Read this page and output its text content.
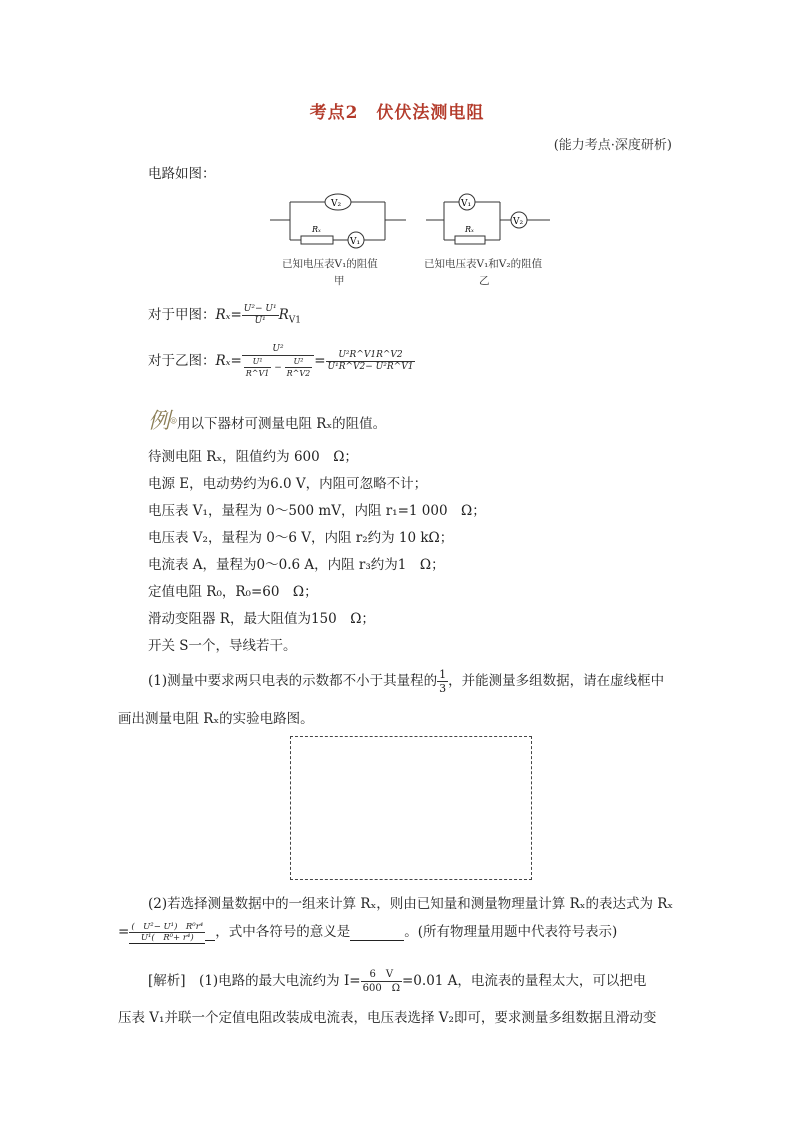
考点2　伏伏法测电阻
(能力考点·深度研析)
电路如图：
V₂
V₁
Rₓ
已知电压表V₁的阻值
甲
V₁
V₂
Rₓ
已知电压表V₁和V₂的阻值
乙
对于甲图：$R_x= \frac{\text{U²− U¹}}{\text{U¹}} R_{V1}$
对于乙图：$R_x= \frac{\text{U²}}{\frac{\text{U¹}}{R\^{}V1} - \frac{\text{U²}}{R\^{}V2}} = \frac{\text{U²R\textasciicircum{}V1R\textasciicircum{}V2}}{\text{U¹R\textasciicircum{}V2− U²R\textasciicircum{}V1}}$
例◎用以下器材可测量电阻 Rₓ的阻值。
待测电阻 Rₓ，阻值约为 600　Ω；
电源 E，电动势约为6.0 V，内阻可忽略不计；
电压表 V₁，量程为 0～500 mV，内阻 r₁=1 000　Ω；
电压表 V₂，量程为 0～6 V，内阻 r₂约为 10 kΩ；
电流表 A，量程为0～0.6 A，内阻 r₃约为1　Ω；
定值电阻 R₀，R₀=60　Ω；
滑动变阻器 R，最大阻值为150　Ω；
开关 S一个，导线若干。
(1)测量中要求两只电表的示数都不小于其量程的 $\frac{1}{3}$ ，并能测量多组数据，请在虚线框中
画出测量电阻 Rₓ的实验电路图。
(2)若选择测量数据中的一组来计算 Rₓ，则由已知量和测量物理量计算 Rₓ的表达式为 Rₓ
= $\frac{\text{(　U²− U¹)　R⁰r⁴}}{\text{U¹(　R⁰+ r⁴)}}$ ，式中各符号的意义是	。(所有物理量用题中代表符号表示)
[解析]　 (1)电路的最大电流约为 $I= \frac{6 V}{600 \Omega} =0.01$ A，电流表的量程太大，可以把电
压表 V₁并联一个定值电阻改装成电流表，电压表选择 V₂即可，要求测量多组数据且滑动变
